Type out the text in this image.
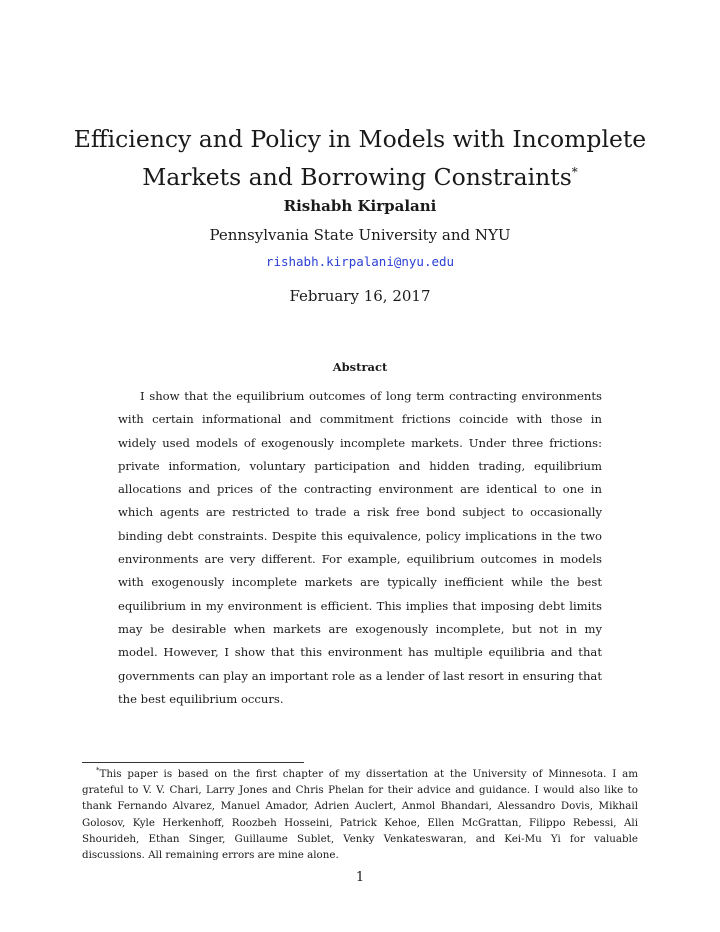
Efficiency and Policy in Models with Incomplete Markets and Borrowing Constraints*
Rishabh Kirpalani
Pennsylvania State University and NYU
rishabh.kirpalani@nyu.edu
February 16, 2017
Abstract

I show that the equilibrium outcomes of long term contracting environments with certain informational and commitment frictions coincide with those in widely used models of exogenously incomplete markets. Under three frictions: private information, voluntary participation and hidden trading, equilibrium allocations and prices of the contracting environment are identical to one in which agents are restricted to trade a risk free bond subject to occasionally binding debt constraints. Despite this equivalence, policy implications in the two environments are very different. For example, equilibrium outcomes in models with exogenously incomplete markets are typically inefficient while the best equilibrium in my environment is efficient. This implies that imposing debt limits may be desirable when markets are exogenously incomplete, but not in my model. However, I show that this environment has multiple equilibria and that governments can play an important role as a lender of last resort in ensuring that the best equilibrium occurs.

*This paper is based on the first chapter of my dissertation at the University of Minnesota. I am grateful to V. V. Chari, Larry Jones and Chris Phelan for their advice and guidance. I would also like to thank Fernando Alvarez, Manuel Amador, Adrien Auclert, Anmol Bhandari, Alessandro Dovis, Mikhail Golosov, Kyle Herkenhoff, Roozbeh Hosseini, Patrick Kehoe, Ellen McGrattan, Filippo Rebessi, Ali Shourideh, Ethan Singer, Guillaume Sublet, Venky Venkateswaran, and Kei-Mu Yi for valuable discussions. All remaining errors are mine alone.

1
